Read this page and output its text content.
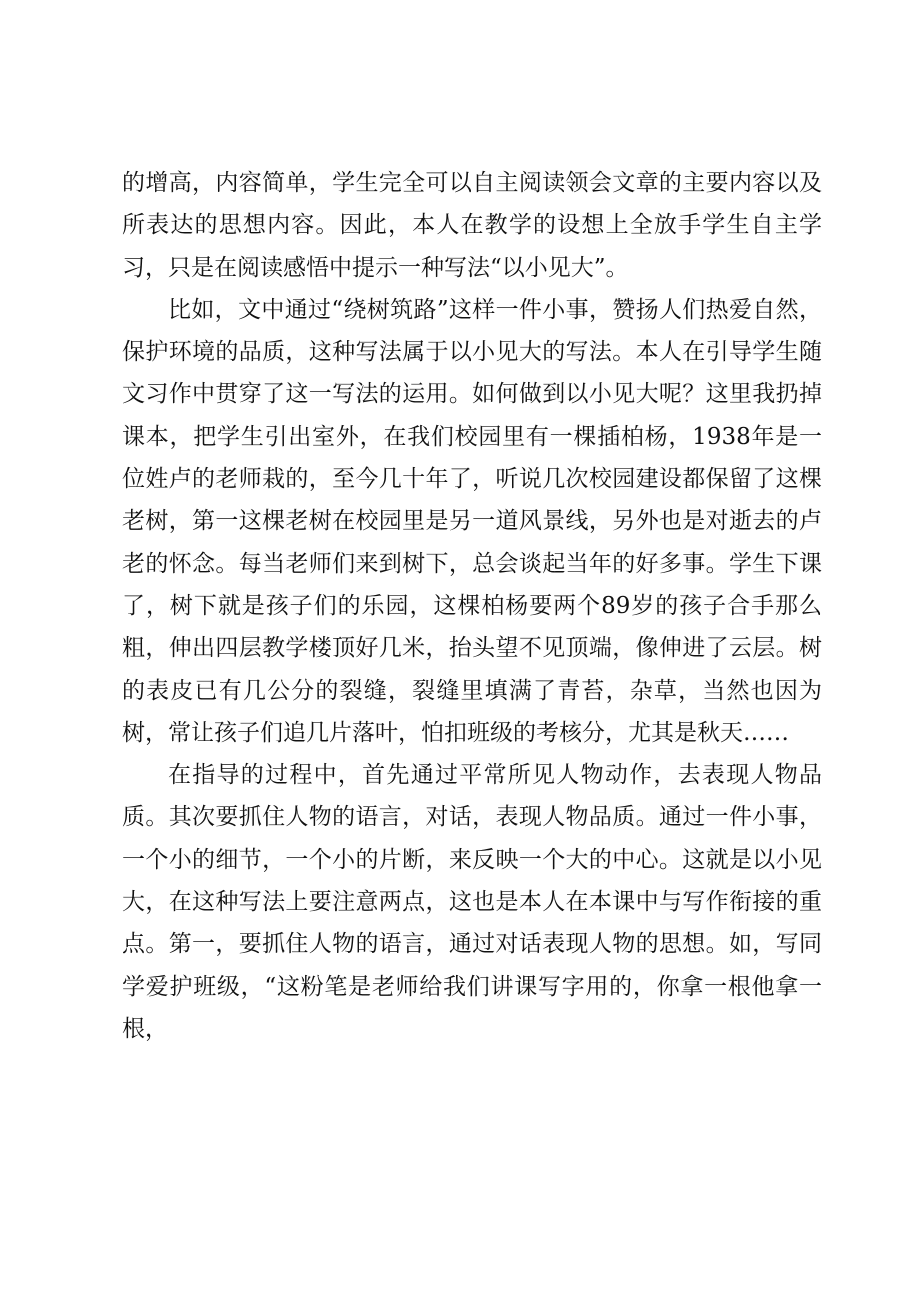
的增高，内容简单，学生完全可以自主阅读领会文章的主要内容以及所表达的思想内容。因此，本人在教学的设想上全放手学生自主学习，只是在阅读感悟中提示一种写法“以小见大”。

比如，文中通过“绕树筑路”这样一件小事，赞扬人们热爱自然，保护环境的品质，这种写法属于以小见大的写法。本人在引导学生随文习作中贯穿了这一写法的运用。如何做到以小见大呢？这里我扔掉课本，把学生引出室外，在我们校园里有一棵插柏杨，1938年是一位姓卢的老师栽的，至今几十年了，听说几次校园建设都保留了这棵老树，第一这棵老树在校园里是另一道风景线，另外也是对逝去的卢老的怀念。每当老师们来到树下，总会谈起当年的好多事。学生下课了，树下就是孩子们的乐园，这棵柏杨要两个89岁的孩子合手那么粗，伸出四层教学楼顶好几米，抬头望不见顶端，像伸进了云层。树的表皮已有几公分的裂缝，裂缝里填满了青苔，杂草，当然也因为树，常让孩子们追几片落叶，怕扣班级的考核分，尤其是秋天……

在指导的过程中，首先通过平常所见人物动作，去表现人物品质。其次要抓住人物的语言，对话，表现人物品质。通过一件小事，一个小的细节，一个小的片断，来反映一个大的中心。这就是以小见大，在这种写法上要注意两点，这也是本人在本课中与写作衔接的重点。第一，要抓住人物的语言，通过对话表现人物的思想。如，写同学爱护班级，“这粉笔是老师给我们讲课写字用的，你拿一根他拿一根，
